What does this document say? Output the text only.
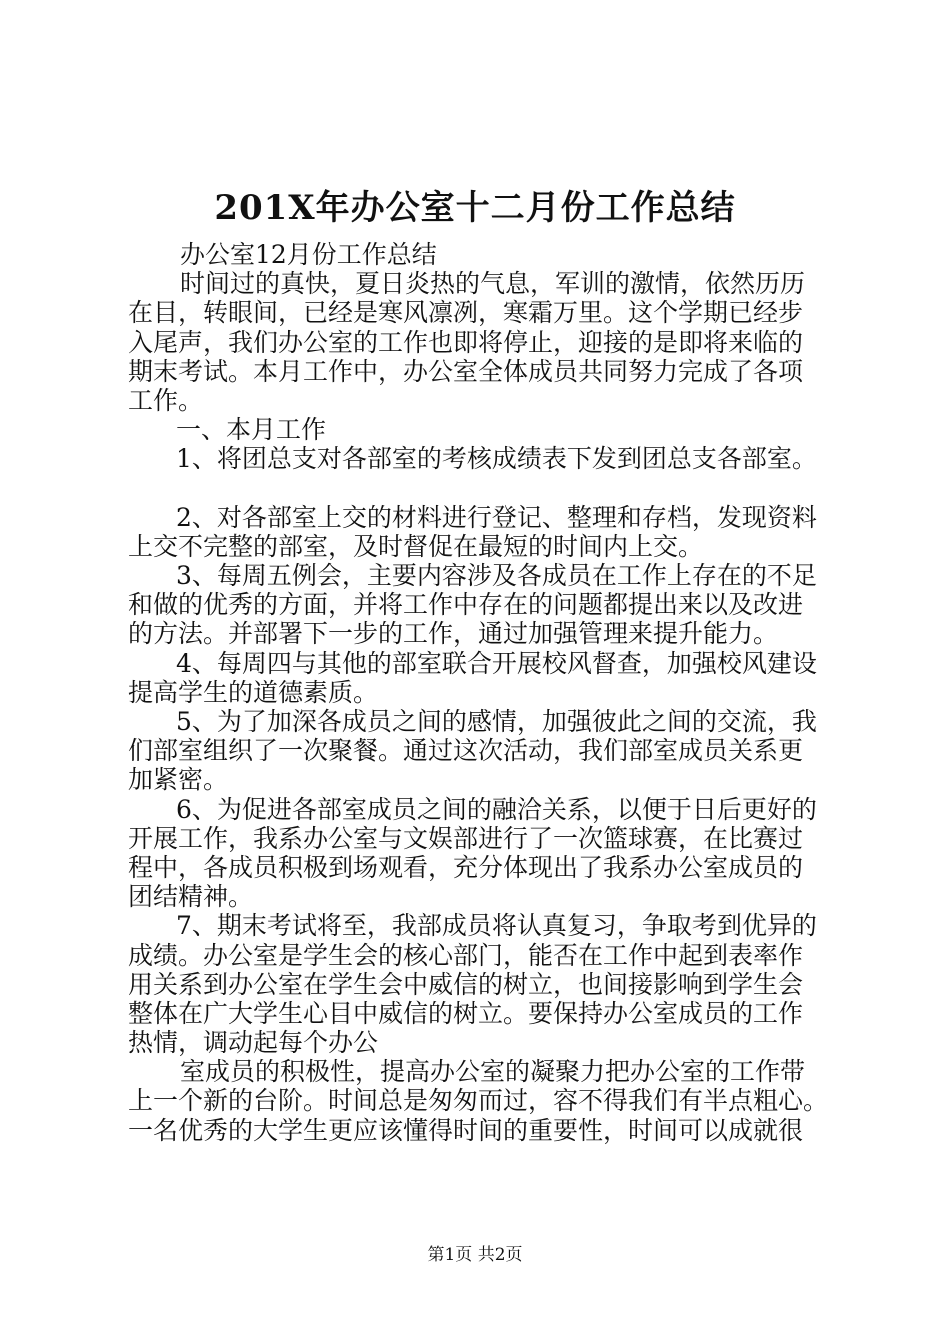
201X年办公室十二月份工作总结
办公室12月份工作总结
时间过的真快，夏日炎热的气息，军训的激情，依然历历
在目，转眼间，已经是寒风凛冽，寒霜万里。这个学期已经步
入尾声，我们办公室的工作也即将停止，迎接的是即将来临的
期末考试。本月工作中，办公室全体成员共同努力完成了各项
工作。
一、本月工作
1、将团总支对各部室的考核成绩表下发到团总支各部室。
2、对各部室上交的材料进行登记、整理和存档，发现资料
上交不完整的部室，及时督促在最短的时间内上交。
3、每周五例会，主要内容涉及各成员在工作上存在的不足
和做的优秀的方面，并将工作中存在的问题都提出来以及改进
的方法。并部署下一步的工作，通过加强管理来提升能力。
4、每周四与其他的部室联合开展校风督查，加强校风建设
提高学生的道德素质。
5、为了加深各成员之间的感情，加强彼此之间的交流，我
们部室组织了一次聚餐。通过这次活动，我们部室成员关系更
加紧密。
6、为促进各部室成员之间的融洽关系，以便于日后更好的
开展工作，我系办公室与文娱部进行了一次篮球赛，在比赛过
程中，各成员积极到场观看，充分体现出了我系办公室成员的
团结精神。
7、期末考试将至，我部成员将认真复习，争取考到优异的
成绩。办公室是学生会的核心部门，能否在工作中起到表率作
用关系到办公室在学生会中威信的树立，也间接影响到学生会
整体在广大学生心目中威信的树立。要保持办公室成员的工作
热情，调动起每个办公
室成员的积极性，提高办公室的凝聚力把办公室的工作带
上一个新的台阶。时间总是匆匆而过，容不得我们有半点粗心。
一名优秀的大学生更应该懂得时间的重要性，时间可以成就很
第1页 共2页
